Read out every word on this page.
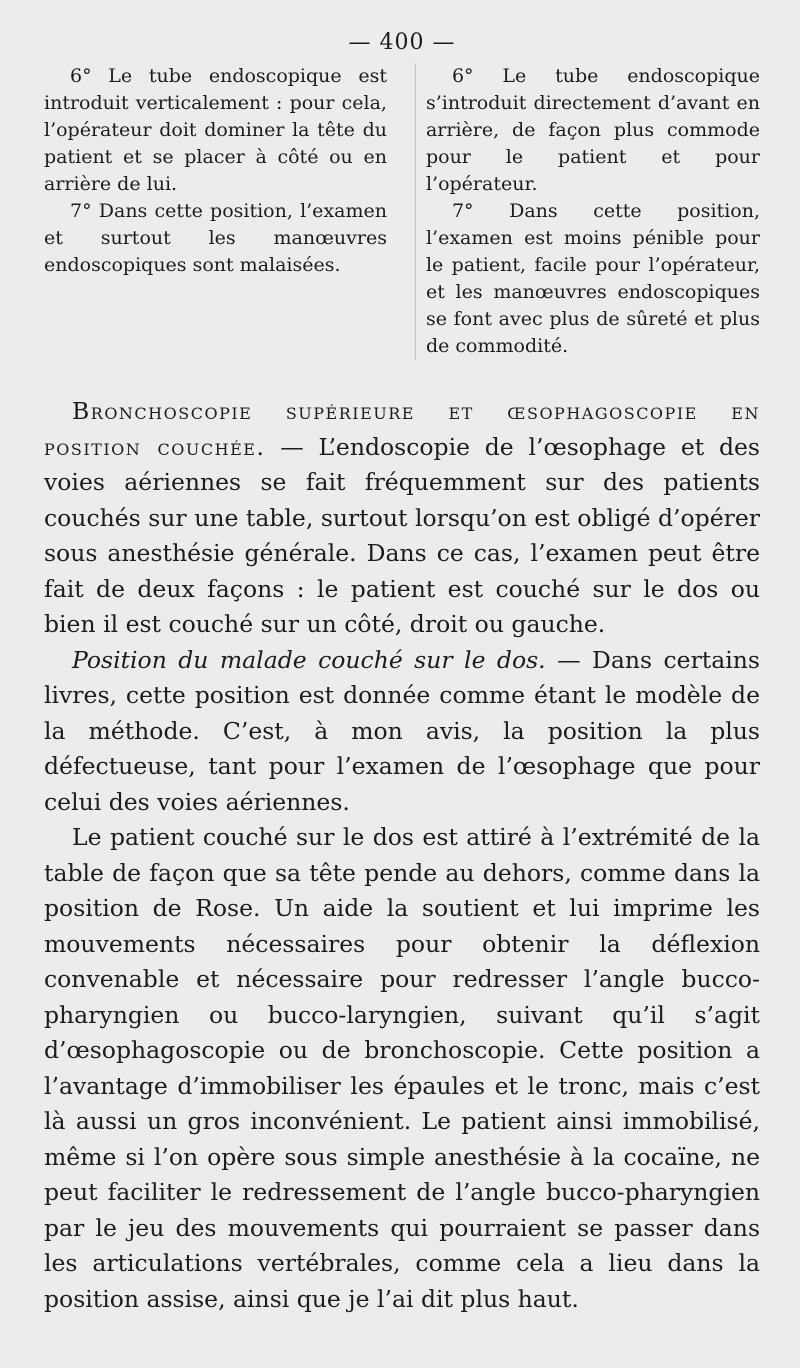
— 400 —

6° Le tube endoscopique est introduit verticalement : pour cela, l’opérateur doit dominer la tête du patient et se placer à côté ou en arrière de lui.

7° Dans cette position, l’examen et surtout les manœuvres endoscopiques sont malaisées.

6° Le tube endoscopique s’introduit directement d’avant en arrière, de façon plus commode pour le patient et pour l’opérateur.

7° Dans cette position, l’examen est moins pénible pour le patient, facile pour l’opérateur, et les manœuvres endoscopiques se font avec plus de sûreté et plus de commodité.

Bronchoscopie supérieure et œsophagoscopie en position couchée. — L’endoscopie de l’œsophage et des voies aériennes se fait fréquemment sur des patients couchés sur une table, surtout lorsqu’on est obligé d’opérer sous anesthésie générale. Dans ce cas, l’examen peut être fait de deux façons : le patient est couché sur le dos ou bien il est couché sur un côté, droit ou gauche.

Position du malade couché sur le dos. — Dans certains livres, cette position est donnée comme étant le modèle de la méthode. C’est, à mon avis, la position la plus défectueuse, tant pour l’examen de l’œsophage que pour celui des voies aériennes.

Le patient couché sur le dos est attiré à l’extrémité de la table de façon que sa tête pende au dehors, comme dans la position de Rose. Un aide la soutient et lui imprime les mouvements nécessaires pour obtenir la déflexion convenable et nécessaire pour redresser l’angle bucco-pharyngien ou bucco-laryngien, suivant qu’il s’agit d’œsophagoscopie ou de bronchoscopie. Cette position a l’avantage d’immobiliser les épaules et le tronc, mais c’est là aussi un gros inconvénient. Le patient ainsi immobilisé, même si l’on opère sous simple anesthésie à la cocaïne, ne peut faciliter le redressement de l’angle bucco-pharyngien par le jeu des mouvements qui pourraient se passer dans les articulations vertébrales, comme cela a lieu dans la position assise, ainsi que je l’ai dit plus haut.
